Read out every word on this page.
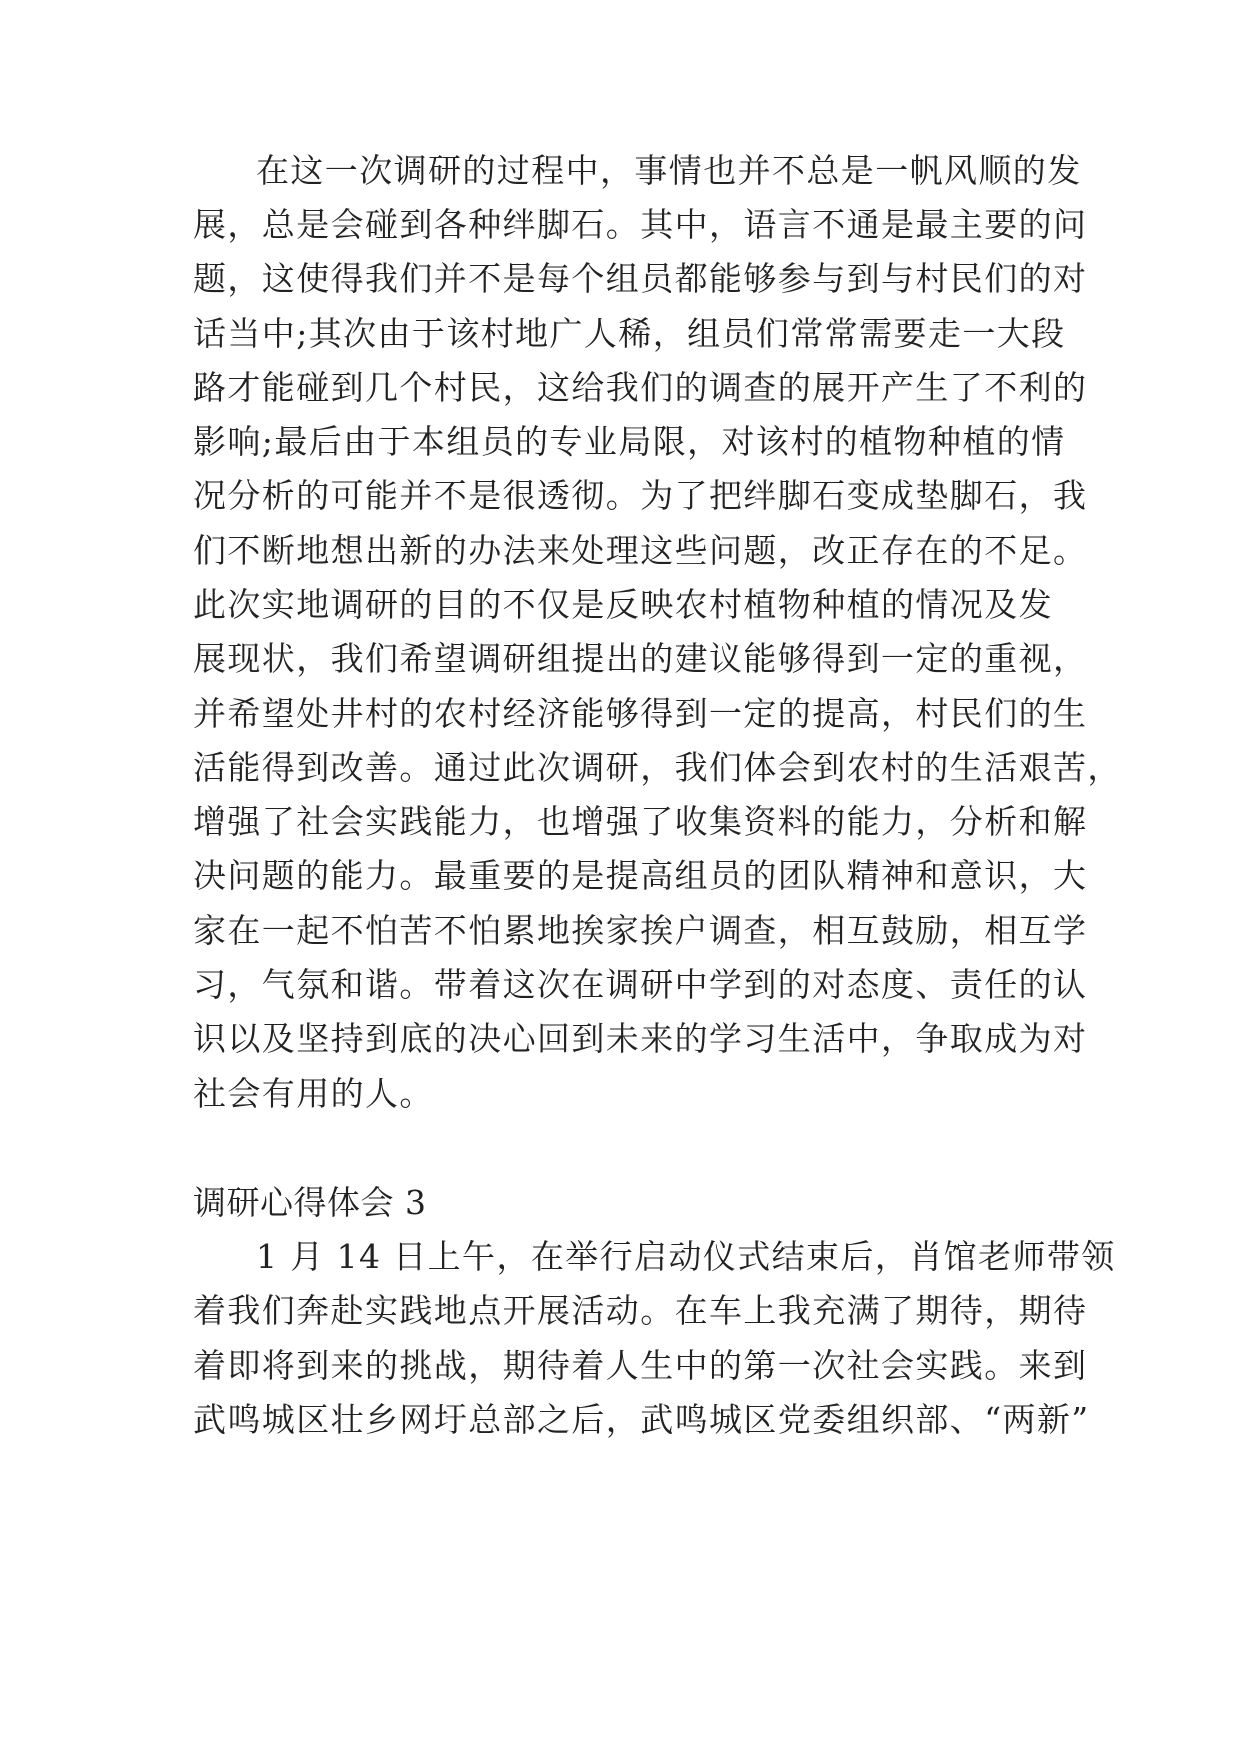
在这一次调研的过程中，事情也并不总是一帆风顺的发
展，总是会碰到各种绊脚石。其中，语言不通是最主要的问
题，这使得我们并不是每个组员都能够参与到与村民们的对
话当中;其次由于该村地广人稀，组员们常常需要走一大段
路才能碰到几个村民，这给我们的调查的展开产生了不利的
影响;最后由于本组员的专业局限，对该村的植物种植的情
况分析的可能并不是很透彻。为了把绊脚石变成垫脚石，我
们不断地想出新的办法来处理这些问题，改正存在的不足。
此次实地调研的目的不仅是反映农村植物种植的情况及发
展现状，我们希望调研组提出的建议能够得到一定的重视，
并希望处井村的农村经济能够得到一定的提高，村民们的生
活能得到改善。通过此次调研，我们体会到农村的生活艰苦，
增强了社会实践能力，也增强了收集资料的能力，分析和解
决问题的能力。最重要的是提高组员的团队精神和意识，大
家在一起不怕苦不怕累地挨家挨户调查，相互鼓励，相互学
习，气氛和谐。带着这次在调研中学到的对态度、责任的认
识以及坚持到底的决心回到未来的学习生活中，争取成为对
社会有用的人。
调研心得体会 3
1 月 14 日上午，在举行启动仪式结束后，肖馆老师带领
着我们奔赴实践地点开展活动。在车上我充满了期待，期待
着即将到来的挑战，期待着人生中的第一次社会实践。来到
武鸣城区壮乡网圩总部之后，武鸣城区党委组织部、“两新”
